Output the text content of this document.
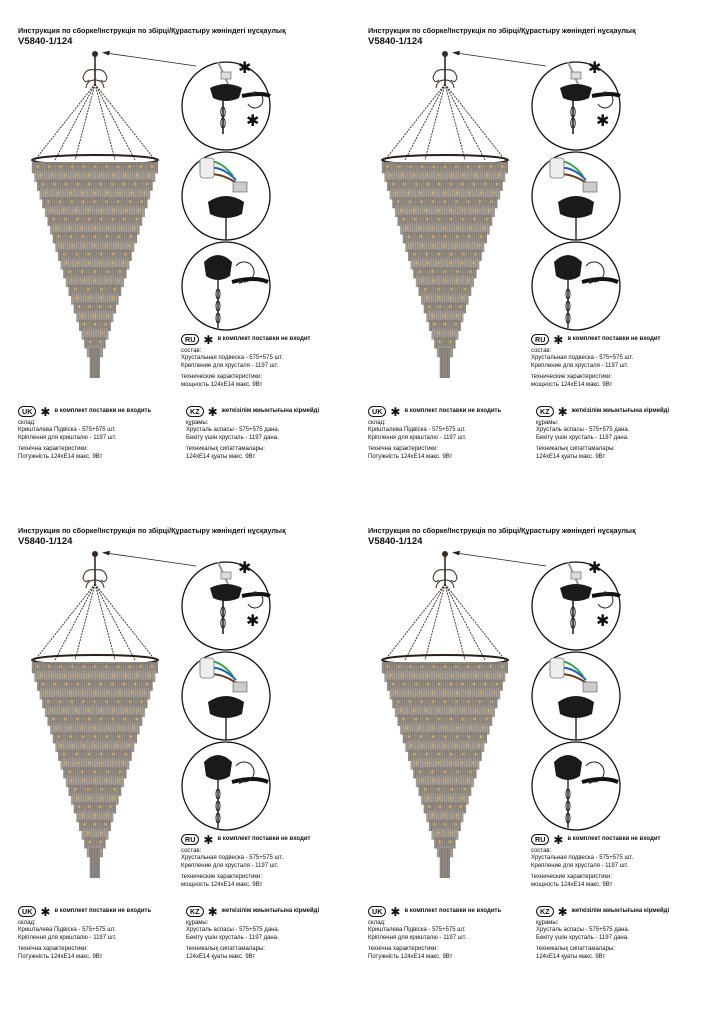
Инструкция по сборке/Інструкція по збірці/Құрастыру жөніндегі нұсқаулық
V5840-1/124
✱
✱
RU ✱ в комплект поставки не входит
состав:
Хрустальная подвеска - 575+575 шт.
Крепление для хрусталя - 1197 шт.
технические характеристики:
мощность 124хЕ14 макс. 9Вт
UK ✱ в комплект поставки не входить
склад:
Кришталева Підвіска - 575+575 шт.
Кріплення для кришталю - 1197 шт.
технічна характеристики:
Потужність 124хЕ14 макс. 9Вт
KZ ✱ жеткізілім жиынтығына кірмейді
құрамы:
Хрусталь аспасы - 575+575 дана.
Бекіту үшін хрусталь - 1197 дана.
техникалық сипаттамалары:
124хЕ14 қуаты макс. 9Вт
Инструкция по сборке/Інструкція по збірці/Құрастыру жөніндегі нұсқаулық
V5840-1/124
✱
✱
RU ✱ в комплект поставки не входит
состав:
Хрустальная подвеска - 575+575 шт.
Крепление для хрусталя - 1197 шт.
технические характеристики:
мощность 124хЕ14 макс. 9Вт
UK ✱ в комплект поставки не входить
склад:
Кришталева Підвіска - 575+575 шт.
Кріплення для кришталю - 1197 шт.
технічна характеристики:
Потужність 124хЕ14 макс. 9Вт
KZ ✱ жеткізілім жиынтығына кірмейді
құрамы:
Хрусталь аспасы - 575+575 дана.
Бекіту үшін хрусталь - 1197 дана.
техникалық сипаттамалары:
124хЕ14 қуаты макс. 9Вт
Инструкция по сборке/Інструкція по збірці/Құрастыру жөніндегі нұсқаулық
V5840-1/124
✱
✱
RU ✱ в комплект поставки не входит
состав:
Хрустальная подвеска - 575+575 шт.
Крепление для хрусталя - 1197 шт.
технические характеристики:
мощность 124хЕ14 макс. 9Вт
UK ✱ в комплект поставки не входить
склад:
Кришталева Підвіска - 575+575 шт.
Кріплення для кришталю - 1197 шт.
технічна характеристики:
Потужність 124хЕ14 макс. 9Вт
KZ ✱ жеткізілім жиынтығына кірмейді
құрамы:
Хрусталь аспасы - 575+575 дана.
Бекіту үшін хрусталь - 1197 дана.
техникалық сипаттамалары:
124хЕ14 қуаты макс. 9Вт
Инструкция по сборке/Інструкція по збірці/Құрастыру жөніндегі нұсқаулық
V5840-1/124
✱
✱
RU ✱ в комплект поставки не входит
состав:
Хрустальная подвеска - 575+575 шт.
Крепление для хрусталя - 1197 шт.
технические характеристики:
мощность 124хЕ14 макс. 9Вт
UK ✱ в комплект поставки не входить
склад:
Кришталева Підвіска - 575+575 шт.
Кріплення для кришталю - 1197 шт.
технічна характеристики:
Потужність 124хЕ14 макс. 9Вт
KZ ✱ жеткізілім жиынтығына кірмейді
құрамы:
Хрусталь аспасы - 575+575 дана.
Бекіту үшін хрусталь - 1197 дана.
техникалық сипаттамалары:
124хЕ14 қуаты макс. 9Вт
